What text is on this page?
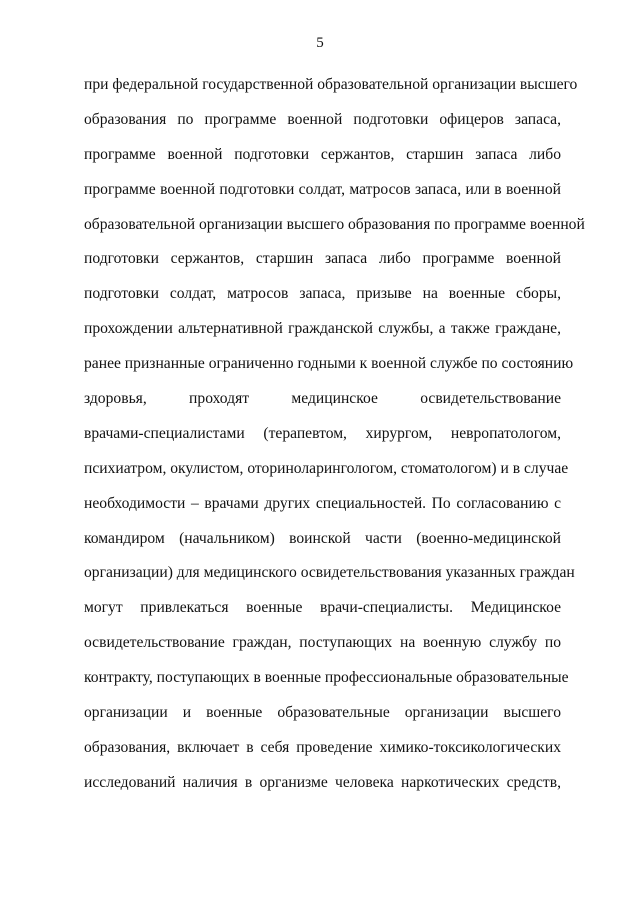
5
при федеральной государственной образовательной организации высшего
образования по программе военной подготовки офицеров запаса,
программе военной подготовки сержантов, старшин запаса либо
программе военной подготовки солдат, матросов запаса, или в военной
образовательной организации высшего образования по программе военной
подготовки сержантов, старшин запаса либо программе военной
подготовки солдат, матросов запаса, призыве на военные сборы,
прохождении альтернативной гражданской службы, а также граждане,
ранее признанные ограниченно годными к военной службе по состоянию
здоровья, проходят медицинское освидетельствование
врачами-специалистами (терапевтом, хирургом, невропатологом,
психиатром, окулистом, оториноларингологом, стоматологом) и в случае
необходимости – врачами других специальностей. По согласованию с
командиром (начальником) воинской части (военно-медицинской
организации) для медицинского освидетельствования указанных граждан
могут привлекаться военные врачи-специалисты. Медицинское
освидетельствование граждан, поступающих на военную службу по
контракту, поступающих в военные профессиональные образовательные
организации и военные образовательные организации высшего
образования, включает в себя проведение химико-токсикологических
исследований наличия в организме человека наркотических средств,
